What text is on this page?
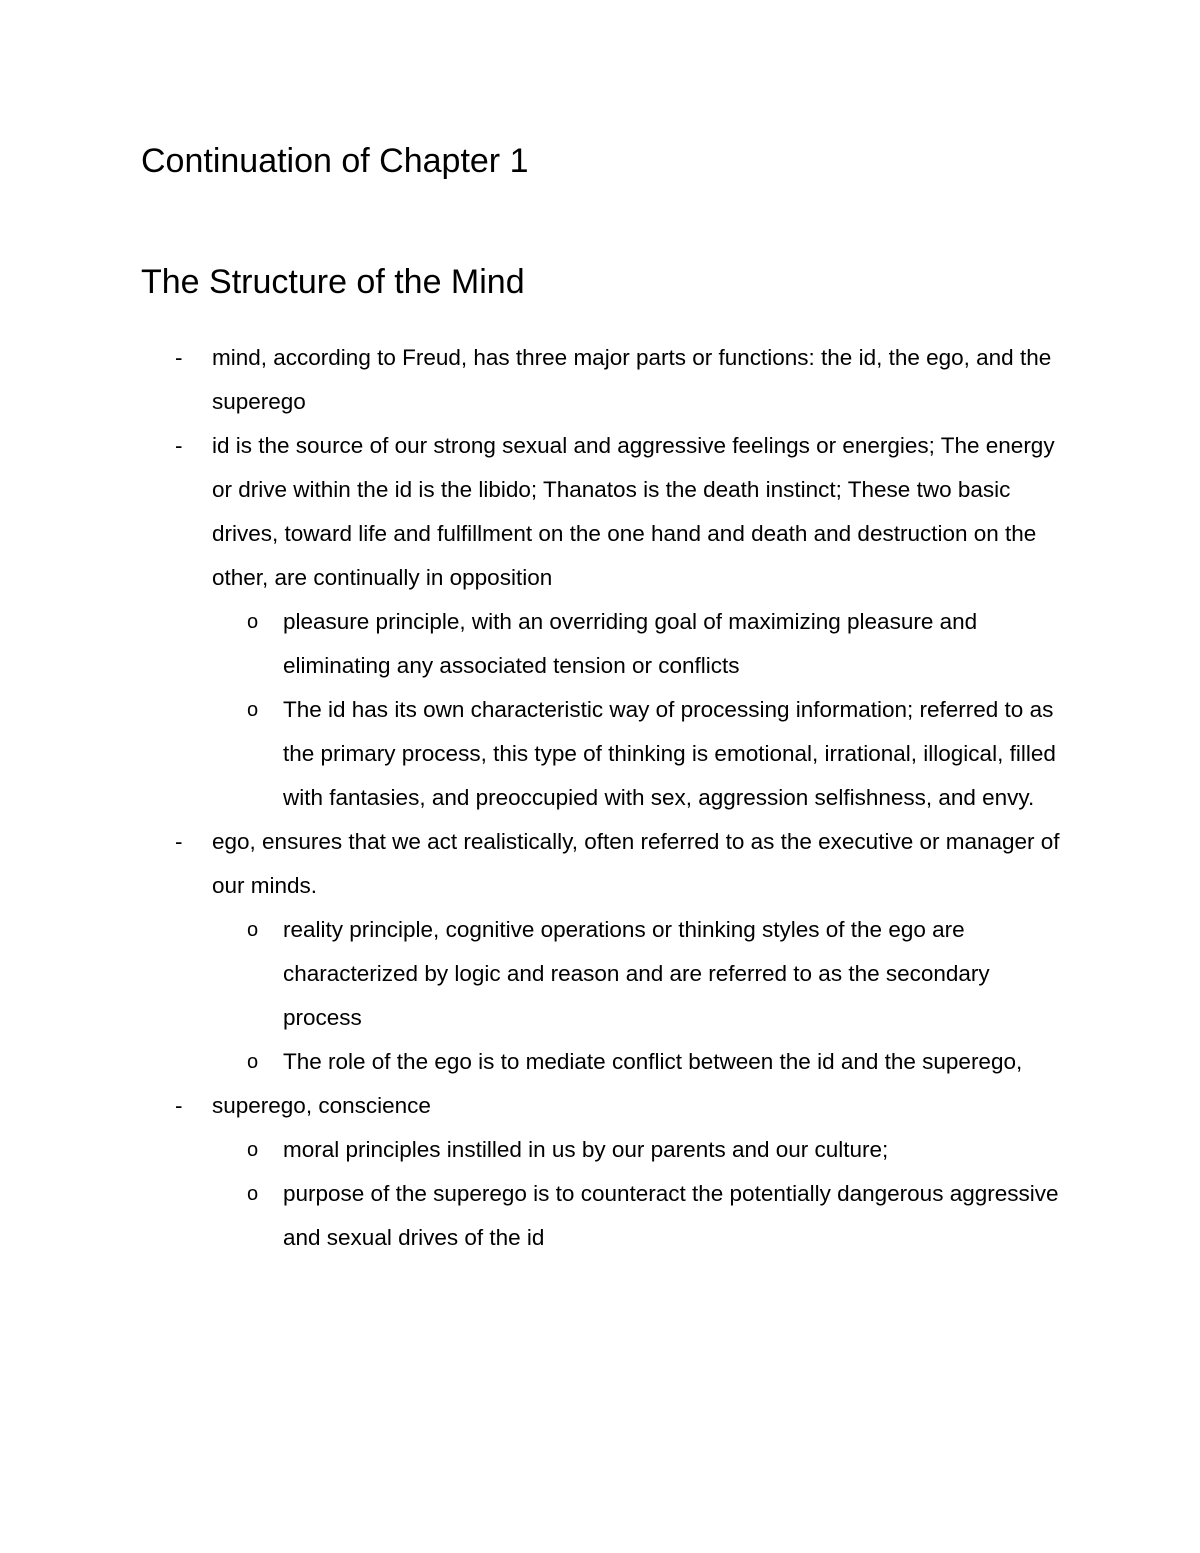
Continuation of Chapter 1
The Structure of the Mind
- mind, according to Freud, has three major parts or functions: the id, the ego, and the superego
- id is the source of our strong sexual and aggressive feelings or energies; The energy or drive within the id is the libido; Thanatos is the death instinct; These two basic drives, toward life and fulfillment on the one hand and death and destruction on the other, are continually in opposition
o pleasure principle, with an overriding goal of maximizing pleasure and eliminating any associated tension or conflicts
o The id has its own characteristic way of processing information; referred to as the primary process, this type of thinking is emotional, irrational, illogical, filled with fantasies, and preoccupied with sex, aggression selfishness, and envy.
- ego, ensures that we act realistically, often referred to as the executive or manager of our minds.
o reality principle, cognitive operations or thinking styles of the ego are characterized by logic and reason and are referred to as the secondary process
o The role of the ego is to mediate conflict between the id and the superego,
- superego, conscience
o moral principles instilled in us by our parents and our culture;
o purpose of the superego is to counteract the potentially dangerous aggressive and sexual drives of the id
